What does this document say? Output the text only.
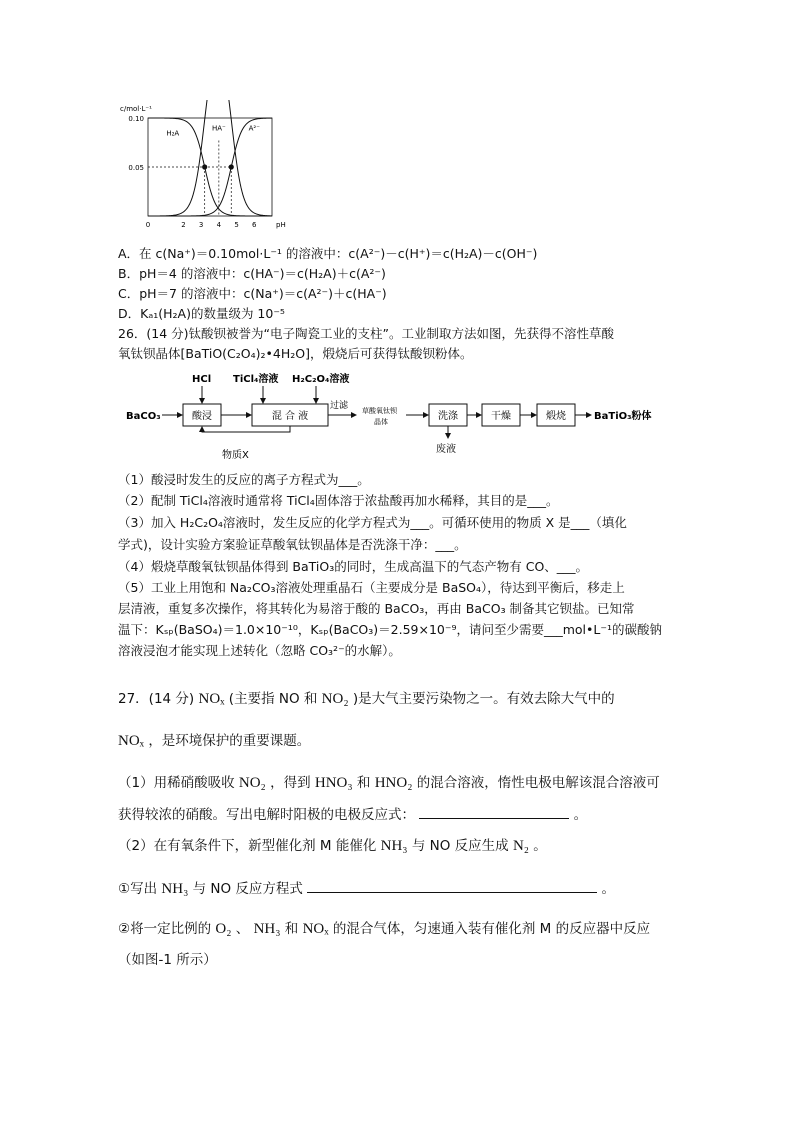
c/mol·L⁻¹
0.10
0.05
0	2 3 4 5 6	pH
H₂A
HA⁻	A²⁻
A．在 c(Na⁺)＝0.10mol·L⁻¹ 的溶液中：c(A²⁻)－c(H⁺)＝c(H₂A)－c(OH⁻)
B．pH＝4 的溶液中：c(HA⁻)＝c(H₂A)＋c(A²⁻)
C．pH＝7 的溶液中：c(Na⁺)＝c(A²⁻)＋c(HA⁻)
D．Kₐ₁(H₂A)的数量级为 10⁻⁵
26．(14 分)钛酸钡被誉为“电子陶瓷工业的支柱”。工业制取方法如图，先获得不溶性草酸
氧钛钡晶体[BaTiO(C₂O₄)₂•4H₂O]，煅烧后可获得钛酸钡粉体。
BaCO₃	酸浸
HCl
混 合 液
TiCl₄溶液 H₂C₂O₄溶液
物质X
过滤 草酸氧钛钡
晶体	洗涤
废液
干燥	煅烧	BaTiO₃粉体
（1）酸浸时发生的反应的离子方程式为___。
（2）配制 TiCl₄溶液时通常将 TiCl₄固体溶于浓盐酸再加水稀释，其目的是___。
（3）加入 H₂C₂O₄溶液时，发生反应的化学方程式为___。可循环使用的物质 X 是___（填化
学式)，设计实验方案验证草酸氧钛钡晶体是否洗涤干净：___。
（4）煅烧草酸氧钛钡晶体得到 BaTiO₃的同时，生成高温下的气态产物有 CO、___。
（5）工业上用饱和 Na₂CO₃溶液处理重晶石（主要成分是 BaSO₄），待达到平衡后，移走上
层清液，重复多次操作，将其转化为易溶于酸的 BaCO₃，再由 BaCO₃ 制备其它钡盐。已知常
温下：Kₛₚ(BaSO₄)＝1.0×10⁻¹⁰，Kₛₚ(BaCO₃)＝2.59×10⁻⁹，请问至少需要___mol•L⁻¹的碳酸钠
溶液浸泡才能实现上述转化（忽略 CO₃²⁻的水解）。
27．(14 分) NOₓ (主要指 NO 和 NO₂ )是大气主要污染物之一。有效去除大气中的
NOₓ ，是环境保护的重要课题。
（1）用稀硝酸吸收 NO₂ ，得到 HNO₃ 和 HNO₂ 的混合溶液，惰性电极电解该混合溶液可
获得较浓的硝酸。写出电解时阳极的电极反应式：	。
（2）在有氧条件下，新型催化剂 M 能催化 NH₃ 与 NO 反应生成 N₂ 。
①写出 NH₃ 与 NO 反应方程式	。
②将一定比例的 O₂ 、 NH₃ 和 NOₓ 的混合气体，匀速通入装有催化剂 M 的反应器中反应
（如图-1 所示）
